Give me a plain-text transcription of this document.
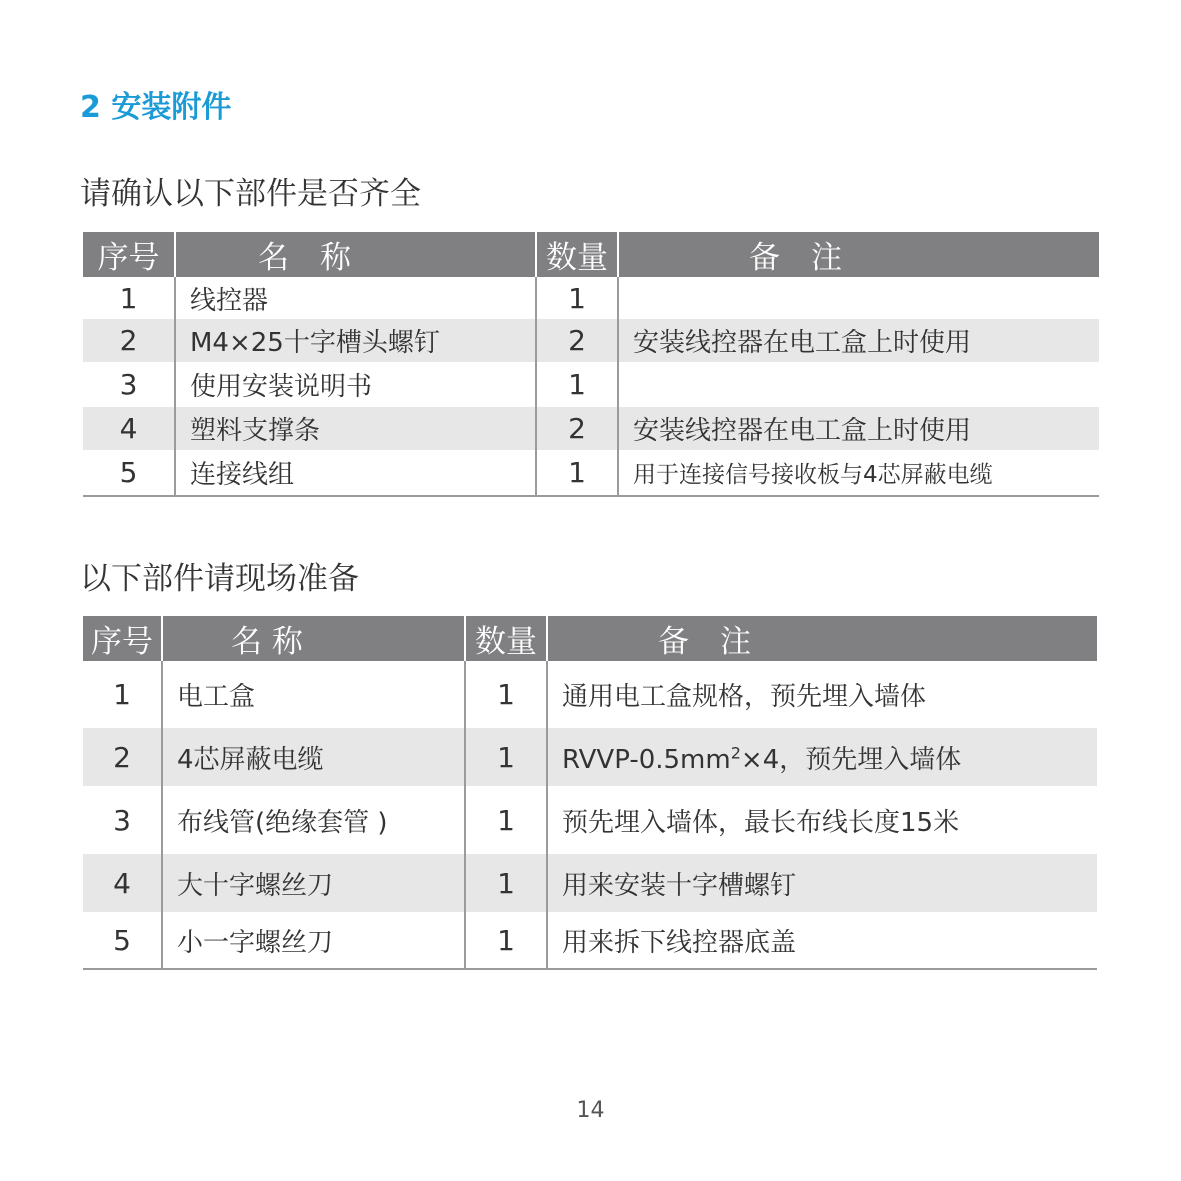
2 安装附件
请确认以下部件是否齐全
序号	名　称	数量	备　注
1	线控器	1	
2	M4×25十字槽头螺钉	2	安装线控器在电工盒上时使用
3	使用安装说明书	1	
4	塑料支撑条	2	安装线控器在电工盒上时使用
5	连接线组	1	用于连接信号接收板与4芯屏蔽电缆
以下部件请现场准备
序号	名 称	数量	备　注
1	电工盒	1	通用电工盒规格，预先埋入墙体
2	4芯屏蔽电缆	1	RVVP-$0.5mm^2\times 4$，预先埋入墙体
3	布线管(绝缘套管 )	1	预先埋入墙体，最长布线长度15米
4	大十字螺丝刀	1	用来安装十字槽螺钉
5	小一字螺丝刀	1	用来拆下线控器底盖

14
